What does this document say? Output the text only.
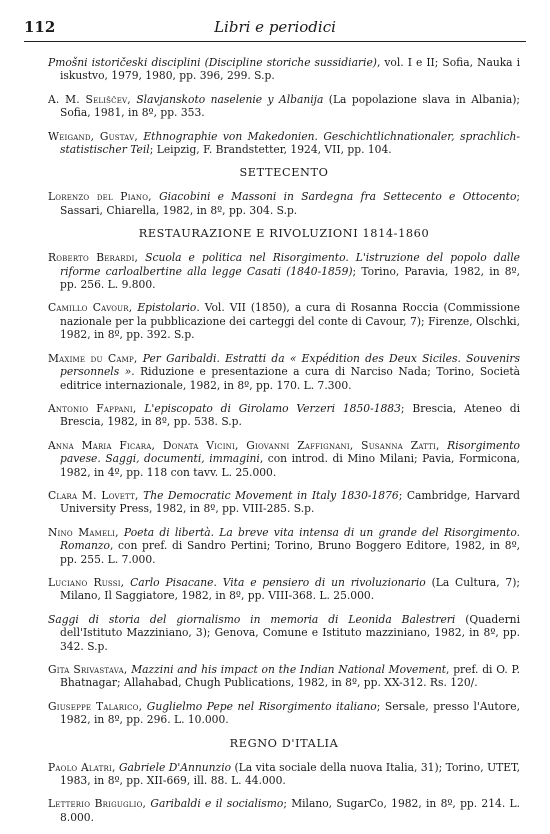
112	Libri e periodici
Pmošni istoričeski disciplini (Discipline storiche sussidiarie), vol. I e II; Sofia, Nauka i iskustvo, 1979, 1980, pp. 396, 299. S.p.
A. M. Seliščev, Slavjanskoto naselenie y Albanija (La popolazione slava in Albania); Sofia, 1981, in 8º, pp. 353.
Weigand, Gustav, Ethnographie von Makedonien. Geschichtlichnationaler, sprachlich-statistischer Teil; Leipzig, F. Brandstetter, 1924, VII, pp. 104.
SETTECENTO
Lorenzo del Piano, Giacobini e Massoni in Sardegna fra Settecento e Ottocento; Sassari, Chiarella, 1982, in 8º, pp. 304. S.p.
RESTAURAZIONE E RIVOLUZIONI 1814-1860
Roberto Berardi, Scuola e politica nel Risorgimento. L'istruzione del popolo dalle riforme carloalbertine alla legge Casati (1840-1859); Torino, Paravia, 1982, in 8º, pp. 256. L. 9.800.
Camillo Cavour, Epistolario. Vol. VII (1850), a cura di Rosanna Roccia (Commissione nazionale per la pubblicazione dei carteggi del conte di Cavour, 7); Firenze, Olschki, 1982, in 8º, pp. 392. S.p.
Maxime du Camp, Per Garibaldi. Estratti da « Expédition des Deux Siciles. Souvenirs personnels ». Riduzione e presentazione a cura di Narciso Nada; Torino, Società editrice internazionale, 1982, in 8º, pp. 170. L. 7.300.
Antonio Fappani, L'episcopato di Girolamo Verzeri 1850-1883; Brescia, Ateneo di Brescia, 1982, in 8º, pp. 538. S.p.
Anna Maria Ficara, Donata Vicini, Giovanni Zaffignani, Susanna Zatti, Risorgimento pavese. Saggi, documenti, immagini, con introd. di Mino Milani; Pavia, Formicona, 1982, in 4º, pp. 118 con tavv. L. 25.000.
Clara M. Lovett, The Democratic Movement in Italy 1830-1876; Cambridge, Harvard University Press, 1982, in 8º, pp. VIII-285. S.p.
Nino Mameli, Poeta di libertà. La breve vita intensa di un grande del Risorgimento. Romanzo, con pref. di Sandro Pertini; Torino, Bruno Boggero Editore, 1982, in 8º, pp. 255. L. 7.000.
Luciano Russi, Carlo Pisacane. Vita e pensiero di un rivoluzionario (La Cultura, 7); Milano, Il Saggiatore, 1982, in 8º, pp. VIII-368. L. 25.000.
Saggi di storia del giornalismo in memoria di Leonida Balestreri (Quaderni dell'Istituto Mazziniano, 3); Genova, Comune e Istituto mazziniano, 1982, in 8º, pp. 342. S.p.
Gita Srivastava, Mazzini and his impact on the Indian National Movement, pref. di O. P. Bhatnagar; Allahabad, Chugh Publications, 1982, in 8º, pp. XX-312. Rs. 120/.
Giuseppe Talarico, Guglielmo Pepe nel Risorgimento italiano; Sersale, presso l'Autore, 1982, in 8º, pp. 296. L. 10.000.
REGNO D'ITALIA
Paolo Alatri, Gabriele D'Annunzio (La vita sociale della nuova Italia, 31); Torino, UTET, 1983, in 8º, pp. XII-669, ill. 88. L. 44.000.
Letterio Briguglio, Garibaldi e il socialismo; Milano, SugarCo, 1982, in 8º, pp. 214. L. 8.000.
